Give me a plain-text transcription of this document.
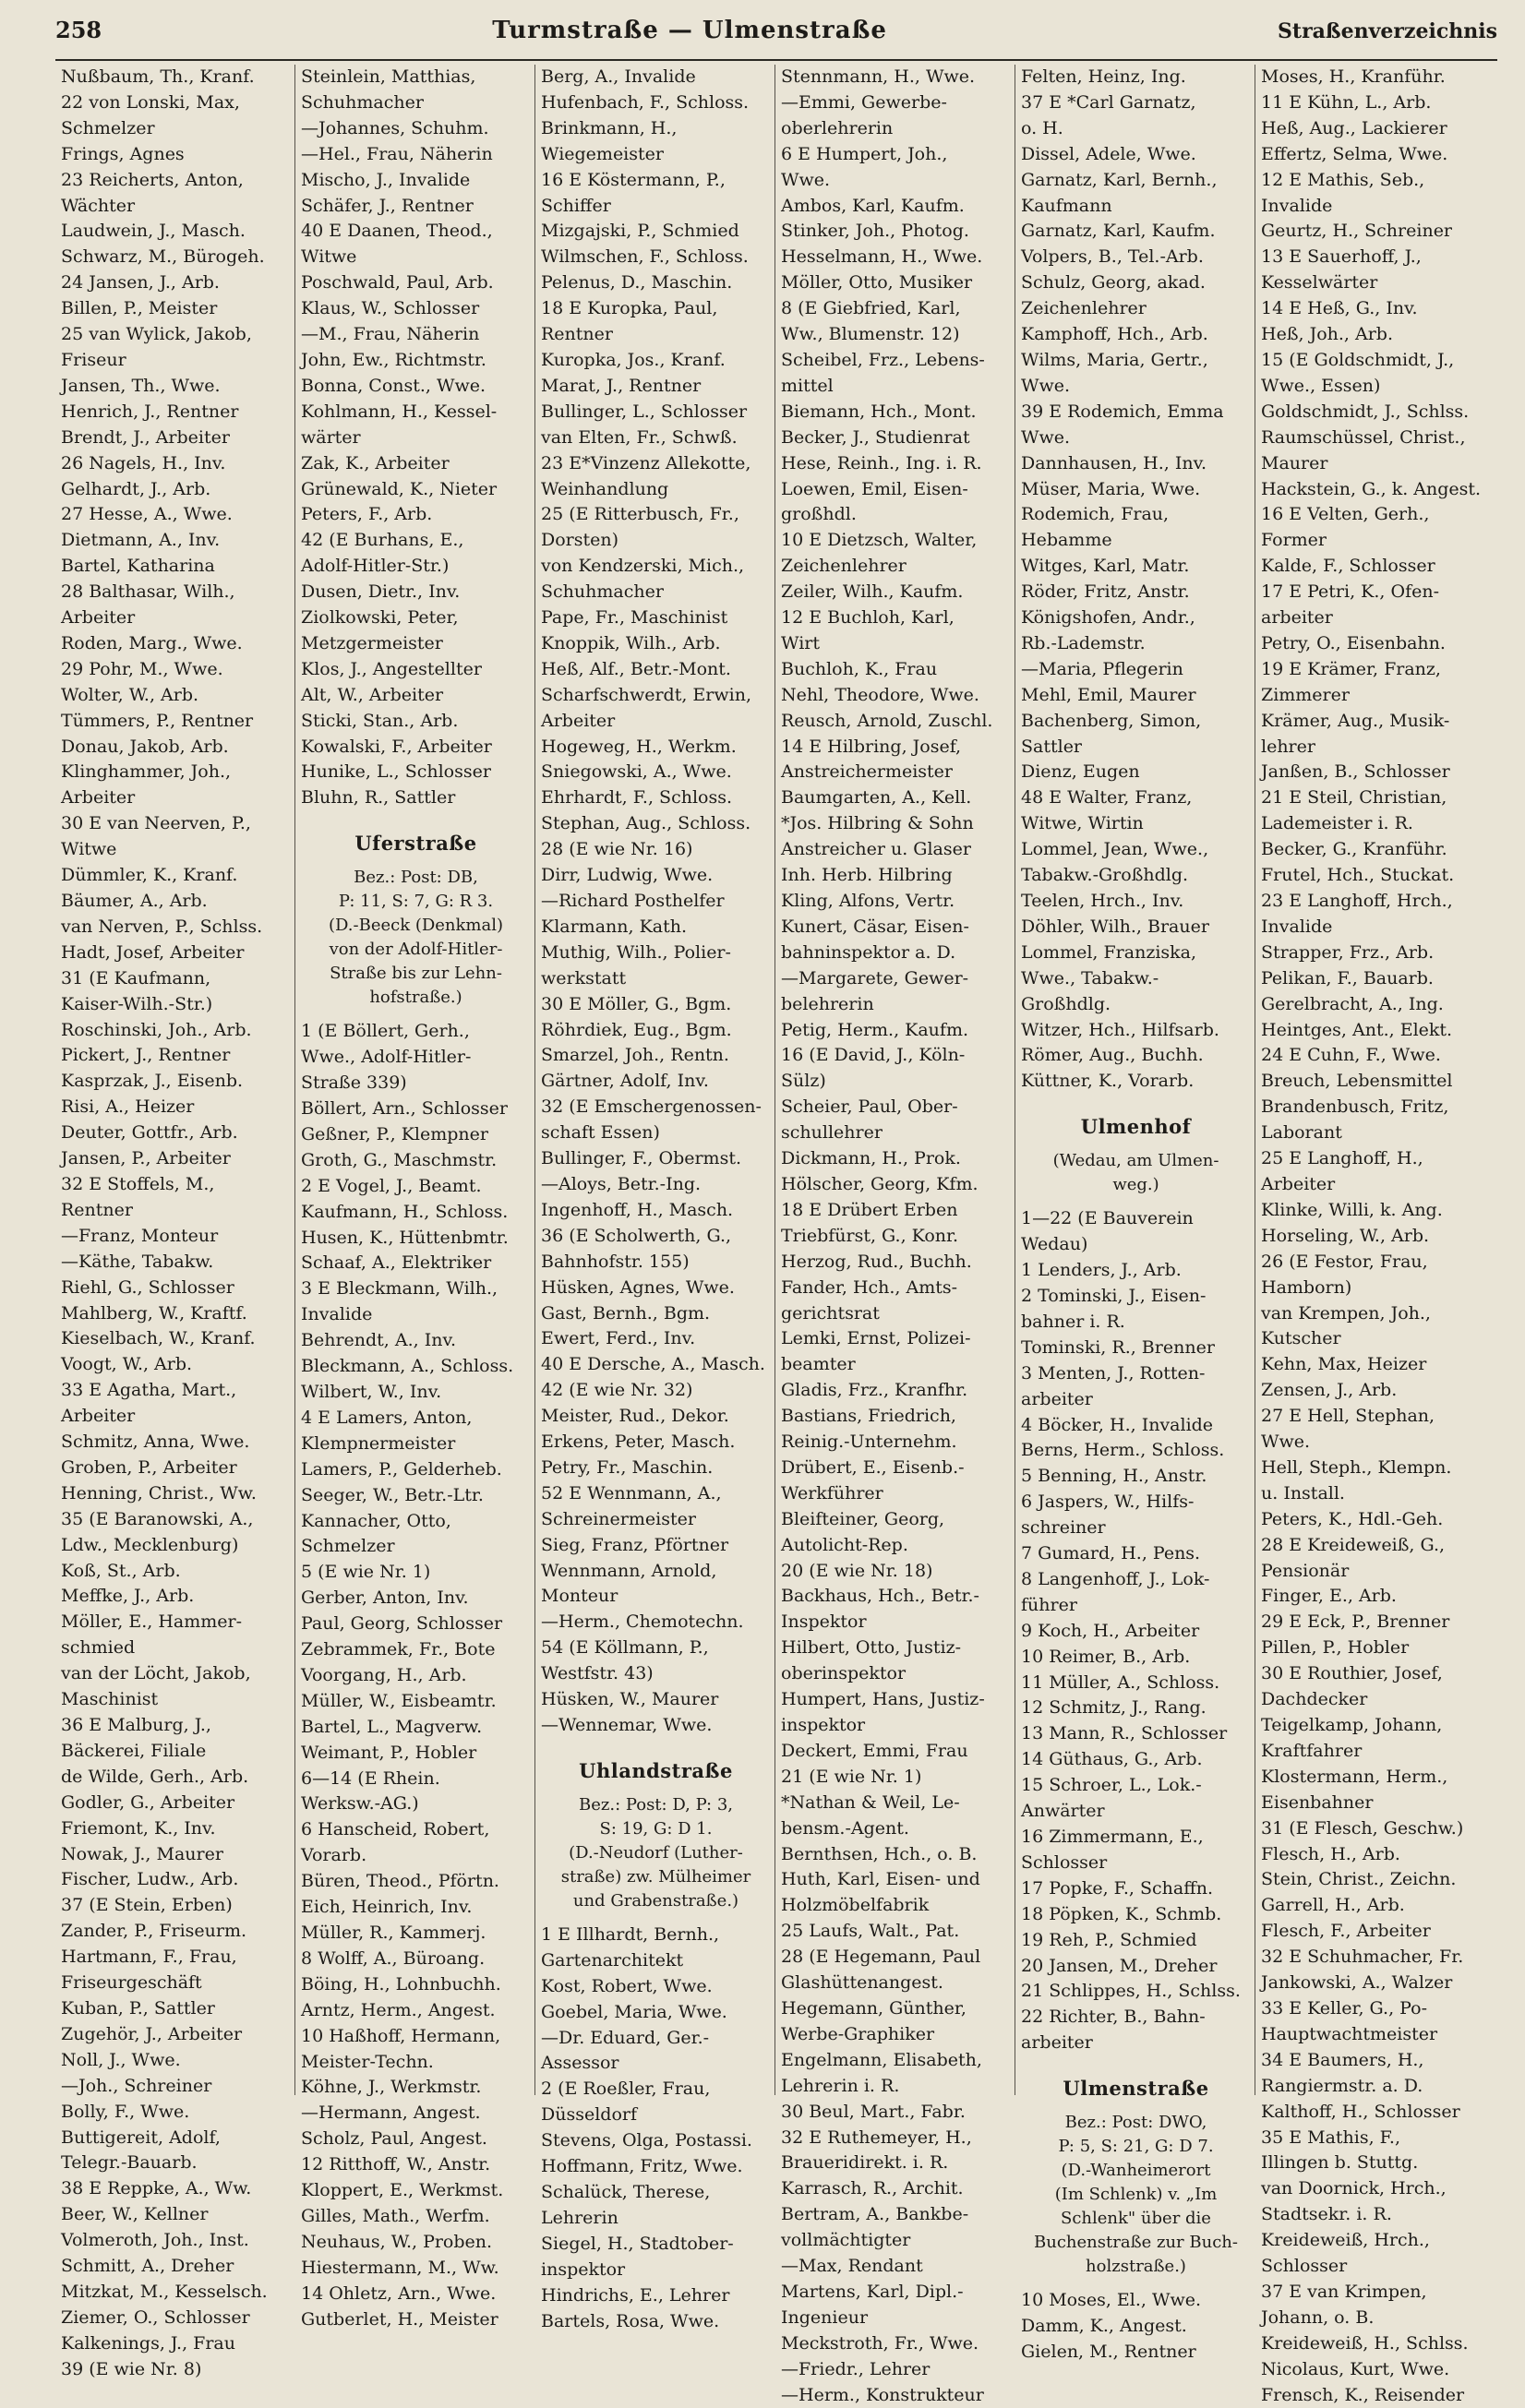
258	Turmstraße — Ulmenstraße	Straßenverzeichnis
Nußbaum, Th., Kranf.
22 von Lonski, Max,
Schmelzer
Frings, Agnes
23 Reicherts, Anton,
Wächter
Laudwein, J., Masch.
Schwarz, M., Bürogeh.
24 Jansen, J., Arb.
Billen, P., Meister
25 van Wylick, Jakob,
Friseur
Jansen, Th., Wwe.
Henrich, J., Rentner
Brendt, J., Arbeiter
26 Nagels, H., Inv.
Gelhardt, J., Arb.
27 Hesse, A., Wwe.
Dietmann, A., Inv.
Bartel, Katharina
28 Balthasar, Wilh.,
Arbeiter
Roden, Marg., Wwe.
29 Pohr, M., Wwe.
Wolter, W., Arb.
Tümmers, P., Rentner
Donau, Jakob, Arb.
Klinghammer, Joh.,
Arbeiter
30 E van Neerven, P.,
Witwe
Dümmler, K., Kranf.
Bäumer, A., Arb.
van Nerven, P., Schlss.
Hadt, Josef, Arbeiter
31 (E Kaufmann,
Kaiser-Wilh.-Str.)
Roschinski, Joh., Arb.
Pickert, J., Rentner
Kasprzak, J., Eisenb.
Risi, A., Heizer
Deuter, Gottfr., Arb.
Jansen, P., Arbeiter
32 E Stoffels, M.,
Rentner
—Franz, Monteur
—Käthe, Tabakw.
Riehl, G., Schlosser
Mahlberg, W., Kraftf.
Kieselbach, W., Kranf.
Voogt, W., Arb.
33 E Agatha, Mart.,
Arbeiter
Schmitz, Anna, Wwe.
Groben, P., Arbeiter
Henning, Christ., Ww.
35 (E Baranowski, A.,
Ldw., Mecklenburg)
Koß, St., Arb.
Meffke, J., Arb.
Möller, E., Hammer-
schmied
van der Löcht, Jakob,
Maschinist
36 E Malburg, J.,
Bäckerei, Filiale
de Wilde, Gerh., Arb.
Godler, G., Arbeiter
Friemont, K., Inv.
Nowak, J., Maurer
Fischer, Ludw., Arb.
37 (E Stein, Erben)
Zander, P., Friseurm.
Hartmann, F., Frau,
Friseurgeschäft
Kuban, P., Sattler
Zugehör, J., Arbeiter
Noll, J., Wwe.
—Joh., Schreiner
Bolly, F., Wwe.
Buttigereit, Adolf,
Telegr.-Bauarb.
38 E Reppke, A., Ww.
Beer, W., Kellner
Volmeroth, Joh., Inst.
Schmitt, A., Dreher
Mitzkat, M., Kesselsch.
Ziemer, O., Schlosser
Kalkenings, J., Frau
39 (E wie Nr. 8)
Steinlein, Matthias,
Schuhmacher
—Johannes, Schuhm.
—Hel., Frau, Näherin
Mischo, J., Invalide
Schäfer, J., Rentner
40 E Daanen, Theod.,
Witwe
Poschwald, Paul, Arb.
Klaus, W., Schlosser
—M., Frau, Näherin
John, Ew., Richtmstr.
Bonna, Const., Wwe.
Kohlmann, H., Kessel-
wärter
Zak, K., Arbeiter
Grünewald, K., Nieter
Peters, F., Arb.
42 (E Burhans, E.,
Adolf-Hitler-Str.)
Dusen, Dietr., Inv.
Ziolkowski, Peter,
Metzgermeister
Klos, J., Angestellter
Alt, W., Arbeiter
Sticki, Stan., Arb.
Kowalski, F., Arbeiter
Hunike, L., Schlosser
Bluhn, R., Sattler
Uferstraße
Bez.: Post: DB,
P: 11, S: 7, G: R 3.
(D.-Beeck (Denkmal)
von der Adolf-Hitler-
Straße bis zur Lehn-
hofstraße.)
1 (E Böllert, Gerh.,
Wwe., Adolf-Hitler-
Straße 339)
Böllert, Arn., Schlosser
Geßner, P., Klempner
Groth, G., Maschmstr.
2 E Vogel, J., Beamt.
Kaufmann, H., Schloss.
Husen, K., Hüttenbmtr.
Schaaf, A., Elektriker
3 E Bleckmann, Wilh.,
Invalide
Behrendt, A., Inv.
Bleckmann, A., Schloss.
Wilbert, W., Inv.
4 E Lamers, Anton,
Klempnermeister
Lamers, P., Gelderheb.
Seeger, W., Betr.-Ltr.
Kannacher, Otto,
Schmelzer
5 (E wie Nr. 1)
Gerber, Anton, Inv.
Paul, Georg, Schlosser
Zebrammek, Fr., Bote
Voorgang, H., Arb.
Müller, W., Eisbeamtr.
Bartel, L., Magverw.
Weimant, P., Hobler
6—14 (E Rhein.
Werksw.-AG.)
6 Hanscheid, Robert,
Vorarb.
Büren, Theod., Pförtn.
Eich, Heinrich, Inv.
Müller, R., Kammerj.
8 Wolff, A., Büroang.
Böing, H., Lohnbuchh.
Arntz, Herm., Angest.
10 Haßhoff, Hermann,
Meister-Techn.
Köhne, J., Werkmstr.
—Hermann, Angest.
Scholz, Paul, Angest.
12 Ritthoff, W., Anstr.
Kloppert, E., Werkmst.
Gilles, Math., Werfm.
Neuhaus, W., Proben.
Hiestermann, M., Ww.
14 Ohletz, Arn., Wwe.
Gutberlet, H., Meister
Berg, A., Invalide
Hufenbach, F., Schloss.
Brinkmann, H.,
Wiegemeister
16 E Köstermann, P.,
Schiffer
Mizgajski, P., Schmied
Wilmschen, F., Schloss.
Pelenus, D., Maschin.
18 E Kuropka, Paul,
Rentner
Kuropka, Jos., Kranf.
Marat, J., Rentner
Bullinger, L., Schlosser
van Elten, Fr., Schwß.
23 E*Vinzenz Allekotte,
Weinhandlung
25 (E Ritterbusch, Fr.,
Dorsten)
von Kendzerski, Mich.,
Schuhmacher
Pape, Fr., Maschinist
Knoppik, Wilh., Arb.
Heß, Alf., Betr.-Mont.
Scharfschwerdt, Erwin,
Arbeiter
Hogeweg, H., Werkm.
Sniegowski, A., Wwe.
Ehrhardt, F., Schloss.
Stephan, Aug., Schloss.
28 (E wie Nr. 16)
Dirr, Ludwig, Wwe.
—Richard Posthelfer
Klarmann, Kath.
Muthig, Wilh., Polier-
werkstatt
30 E Möller, G., Bgm.
Röhrdiek, Eug., Bgm.
Smarzel, Joh., Rentn.
Gärtner, Adolf, Inv.
32 (E Emschergenossen-
schaft Essen)
Bullinger, F., Obermst.
—Aloys, Betr.-Ing.
Ingenhoff, H., Masch.
36 (E Scholwerth, G.,
Bahnhofstr. 155)
Hüsken, Agnes, Wwe.
Gast, Bernh., Bgm.
Ewert, Ferd., Inv.
40 E Dersche, A., Masch.
42 (E wie Nr. 32)
Meister, Rud., Dekor.
Erkens, Peter, Masch.
Petry, Fr., Maschin.
52 E Wennmann, A.,
Schreinermeister
Sieg, Franz, Pförtner
Wennmann, Arnold,
Monteur
—Herm., Chemotechn.
54 (E Köllmann, P.,
Westfstr. 43)
Hüsken, W., Maurer
—Wennemar, Wwe.
Uhlandstraße
Bez.: Post: D, P: 3,
S: 19, G: D 1.
(D.-Neudorf (Luther-
straße) zw. Mülheimer
und Grabenstraße.)
1 E Illhardt, Bernh.,
Gartenarchitekt
Kost, Robert, Wwe.
Goebel, Maria, Wwe.
—Dr. Eduard, Ger.-
Assessor
2 (E Roeßler, Frau,
Düsseldorf
Stevens, Olga, Postassi.
Hoffmann, Fritz, Wwe.
Schalück, Therese,
Lehrerin
Siegel, H., Stadtober-
inspektor
Hindrichs, E., Lehrer
Bartels, Rosa, Wwe.
Stennmann, H., Wwe.
—Emmi, Gewerbe-
oberlehrerin
6 E Humpert, Joh.,
Wwe.
Ambos, Karl, Kaufm.
Stinker, Joh., Photog.
Hesselmann, H., Wwe.
Möller, Otto, Musiker
8 (E Giebfried, Karl,
Ww., Blumenstr. 12)
Scheibel, Frz., Lebens-
mittel
Biemann, Hch., Mont.
Becker, J., Studienrat
Hese, Reinh., Ing. i. R.
Loewen, Emil, Eisen-
großhdl.
10 E Dietzsch, Walter,
Zeichenlehrer
Zeiler, Wilh., Kaufm.
12 E Buchloh, Karl,
Wirt
Buchloh, K., Frau
Nehl, Theodore, Wwe.
Reusch, Arnold, Zuschl.
14 E Hilbring, Josef,
Anstreichermeister
Baumgarten, A., Kell.
*Jos. Hilbring & Sohn
Anstreicher u. Glaser
Inh. Herb. Hilbring
Kling, Alfons, Vertr.
Kunert, Cäsar, Eisen-
bahninspektor a. D.
—Margarete, Gewer-
belehrerin
Petig, Herm., Kaufm.
16 (E David, J., Köln-
Sülz)
Scheier, Paul, Ober-
schullehrer
Dickmann, H., Prok.
Hölscher, Georg, Kfm.
18 E Drübert Erben
Triebfürst, G., Konr.
Herzog, Rud., Buchh.
Fander, Hch., Amts-
gerichtsrat
Lemki, Ernst, Polizei-
beamter
Gladis, Frz., Kranfhr.
Bastians, Friedrich,
Reinig.-Unternehm.
Drübert, E., Eisenb.-
Werkführer
Bleifteiner, Georg,
Autolicht-Rep.
20 (E wie Nr. 18)
Backhaus, Hch., Betr.-
Inspektor
Hilbert, Otto, Justiz-
oberinspektor
Humpert, Hans, Justiz-
inspektor
Deckert, Emmi, Frau
21 (E wie Nr. 1)
*Nathan & Weil, Le-
bensm.-Agent.
Bernthsen, Hch., o. B.
Huth, Karl, Eisen- und
Holzmöbelfabrik
25 Laufs, Walt., Pat.
28 (E Hegemann, Paul
Glashüttenangest.
Hegemann, Günther,
Werbe-Graphiker
Engelmann, Elisabeth,
Lehrerin i. R.
30 Beul, Mart., Fabr.
32 E Ruthemeyer, H.,
Braueridirekt. i. R.
Karrasch, R., Archit.
Bertram, A., Bankbe-
vollmächtigter
—Max, Rendant
Martens, Karl, Dipl.-
Ingenieur
Meckstroth, Fr., Wwe.
—Friedr., Lehrer
—Herm., Konstrukteur
Felten, Heinz, Ing.
37 E *Carl Garnatz,
o. H.
Dissel, Adele, Wwe.
Garnatz, Karl, Bernh.,
Kaufmann
Garnatz, Karl, Kaufm.
Volpers, B., Tel.-Arb.
Schulz, Georg, akad.
Zeichenlehrer
Kamphoff, Hch., Arb.
Wilms, Maria, Gertr.,
Wwe.
39 E Rodemich, Emma
Wwe.
Dannhausen, H., Inv.
Müser, Maria, Wwe.
Rodemich, Frau,
Hebamme
Witges, Karl, Matr.
Röder, Fritz, Anstr.
Königshofen, Andr.,
Rb.-Lademstr.
—Maria, Pflegerin
Mehl, Emil, Maurer
Bachenberg, Simon,
Sattler
Dienz, Eugen
48 E Walter, Franz,
Witwe, Wirtin
Lommel, Jean, Wwe.,
Tabakw.-Großhdlg.
Teelen, Hrch., Inv.
Döhler, Wilh., Brauer
Lommel, Franziska,
Wwe., Tabakw.-
Großhdlg.
Witzer, Hch., Hilfsarb.
Römer, Aug., Buchh.
Küttner, K., Vorarb.
Ulmenhof
(Wedau, am Ulmen-
weg.)
1—22 (E Bauverein
Wedau)
1 Lenders, J., Arb.
2 Tominski, J., Eisen-
bahner i. R.
Tominski, R., Brenner
3 Menten, J., Rotten-
arbeiter
4 Böcker, H., Invalide
Berns, Herm., Schloss.
5 Benning, H., Anstr.
6 Jaspers, W., Hilfs-
schreiner
7 Gumard, H., Pens.
8 Langenhoff, J., Lok-
führer
9 Koch, H., Arbeiter
10 Reimer, B., Arb.
11 Müller, A., Schloss.
12 Schmitz, J., Rang.
13 Mann, R., Schlosser
14 Güthaus, G., Arb.
15 Schroer, L., Lok.-
Anwärter
16 Zimmermann, E.,
Schlosser
17 Popke, F., Schaffn.
18 Pöpken, K., Schmb.
19 Reh, P., Schmied
20 Jansen, M., Dreher
21 Schlippes, H., Schlss.
22 Richter, B., Bahn-
arbeiter
Ulmenstraße
Bez.: Post: DWO,
P: 5, S: 21, G: D 7.
(D.-Wanheimerort
(Im Schlenk) v. „Im
Schlenk" über die
Buchenstraße zur Buch-
holzstraße.)
10 Moses, El., Wwe.
Damm, K., Angest.
Gielen, M., Rentner
Moses, H., Kranführ.
11 E Kühn, L., Arb.
Heß, Aug., Lackierer
Effertz, Selma, Wwe.
12 E Mathis, Seb.,
Invalide
Geurtz, H., Schreiner
13 E Sauerhoff, J.,
Kesselwärter
14 E Heß, G., Inv.
Heß, Joh., Arb.
15 (E Goldschmidt, J.,
Wwe., Essen)
Goldschmidt, J., Schlss.
Raumschüssel, Christ.,
Maurer
Hackstein, G., k. Angest.
16 E Velten, Gerh.,
Former
Kalde, F., Schlosser
17 E Petri, K., Ofen-
arbeiter
Petry, O., Eisenbahn.
19 E Krämer, Franz,
Zimmerer
Krämer, Aug., Musik-
lehrer
Janßen, B., Schlosser
21 E Steil, Christian,
Lademeister i. R.
Becker, G., Kranführ.
Frutel, Hch., Stuckat.
23 E Langhoff, Hrch.,
Invalide
Strapper, Frz., Arb.
Pelikan, F., Bauarb.
Gerelbracht, A., Ing.
Heintges, Ant., Elekt.
24 E Cuhn, F., Wwe.
Breuch, Lebensmittel
Brandenbusch, Fritz,
Laborant
25 E Langhoff, H.,
Arbeiter
Klinke, Willi, k. Ang.
Horseling, W., Arb.
26 (E Festor, Frau,
Hamborn)
van Krempen, Joh.,
Kutscher
Kehn, Max, Heizer
Zensen, J., Arb.
27 E Hell, Stephan,
Wwe.
Hell, Steph., Klempn.
u. Install.
Peters, K., Hdl.-Geh.
28 E Kreideweiß, G.,
Pensionär
Finger, E., Arb.
29 E Eck, P., Brenner
Pillen, P., Hobler
30 E Routhier, Josef,
Dachdecker
Teigelkamp, Johann,
Kraftfahrer
Klostermann, Herm.,
Eisenbahner
31 (E Flesch, Geschw.)
Flesch, H., Arb.
Stein, Christ., Zeichn.
Garrell, H., Arb.
Flesch, F., Arbeiter
32 E Schuhmacher, Fr.
Jankowski, A., Walzer
33 E Keller, G., Po-
Hauptwachtmeister
34 E Baumers, H.,
Rangiermstr. a. D.
Kalthoff, H., Schlosser
35 E Mathis, F.,
Illingen b. Stuttg.
van Doornick, Hrch.,
Stadtsekr. i. R.
Kreideweiß, Hrch.,
Schlosser
37 E van Krimpen,
Johann, o. B.
Kreideweiß, H., Schlss.
Nicolaus, Kurt, Wwe.
Frensch, K., Reisender
